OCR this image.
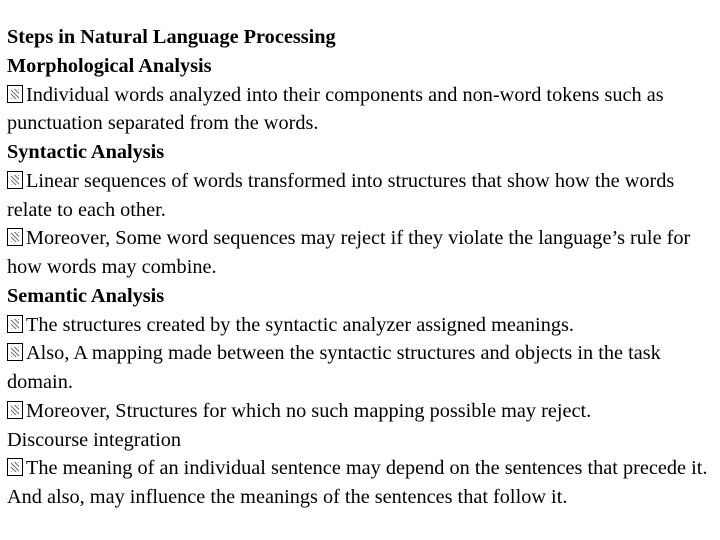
Steps in Natural Language Processing

Morphological Analysis

Individual words analyzed into their components and non-word tokens such as punctuation separated from the words.

Syntactic Analysis

Linear sequences of words transformed into structures that show how the words relate to each other.

Moreover, Some word sequences may reject if they violate the language’s rule for how words may combine.

Semantic Analysis

The structures created by the syntactic analyzer assigned meanings.

Also, A mapping made between the syntactic structures and objects in the task domain.

Moreover, Structures for which no such mapping possible may reject.

Discourse integration

The meaning of an individual sentence may depend on the sentences that precede it. And also, may influence the meanings of the sentences that follow it.
